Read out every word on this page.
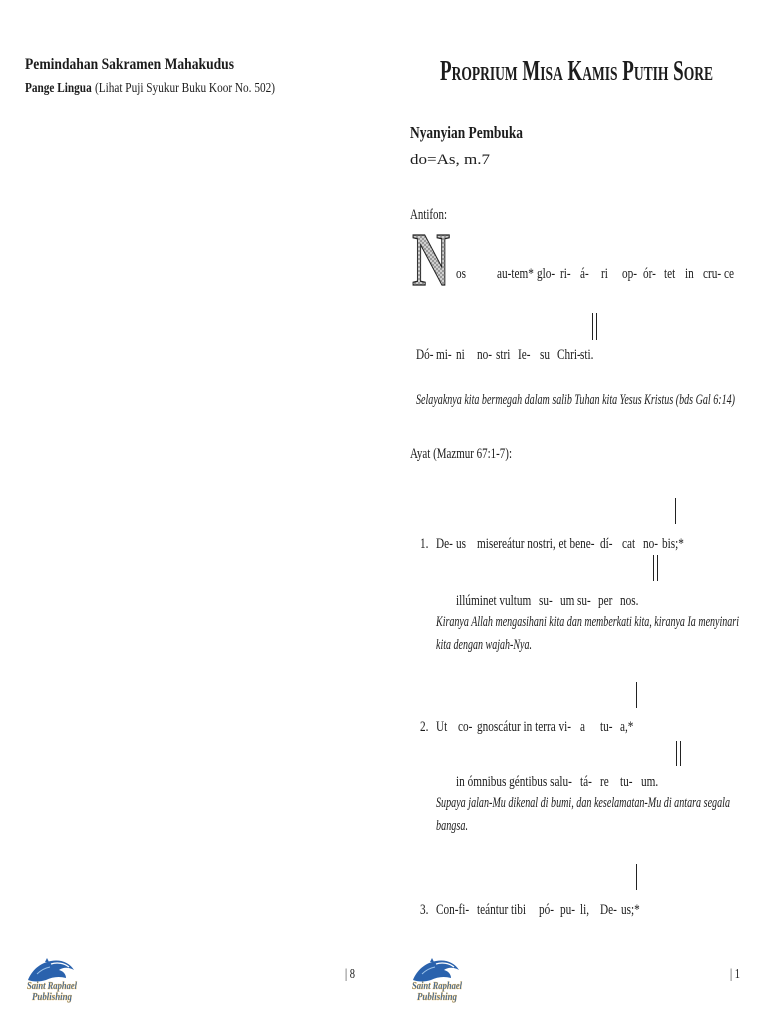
Pemindahan Sakramen Mahakudus
Pange Lingua (Lihat Puji Syukur Buku Koor No. 502)
Saint Raphael
Publishing
| 8
Proprium Misa Kamis Putih Sore
Nyanyian Pembuka
do=As, m.7
Antifon:
N os au-tem* glo- ri- á- ri op- ór- tet in cru- ce
Dó- mi- ni no- stri Ie- su Chri- sti.
Selayaknya kita bermegah dalam salib Tuhan kita Yesus Kristus (bds Gal 6:14)
Ayat (Mazmur 67:1-7):
1. De- us misereátur nostri, et bene- dí- cat no- bis;*
illúminet vultum su- um su- per nos.
Kiranya Allah mengasihani kita dan memberkati kita, kiranya Ia menyinari
kita dengan wajah-Nya.
2. Ut co- gnoscátur in terra vi- a tu- a,*
in ómnibus géntibus salu- tá- re tu- um.
Supaya jalan-Mu dikenal di bumi, dan keselamatan-Mu di antara segala
bangsa.
3. Con-fi- teántur tibi pó- pu- li, De- us;*
Saint Raphael
Publishing
| 1
